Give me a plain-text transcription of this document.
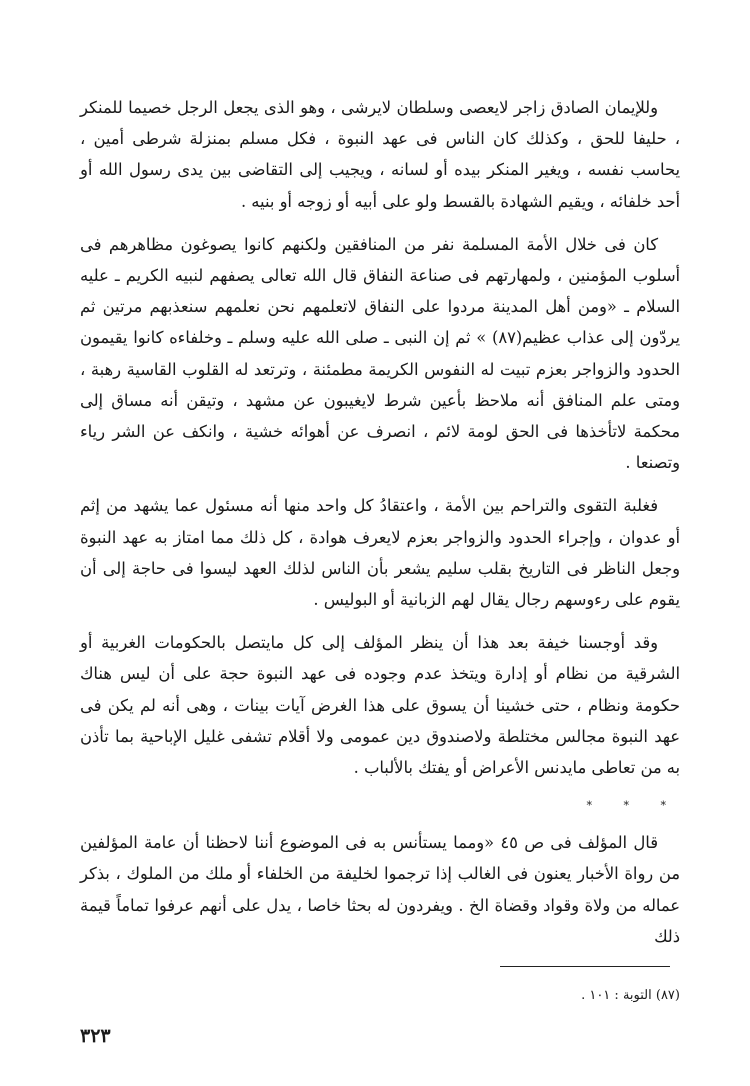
وللإيمان الصادق زاجر لايعصى وسلطان لايرشى ، وهو الذى يجعل الرجل خصيما للمنكر ، حليفا للحق ، وكذلك كان الناس فى عهد النبوة ، فكل مسلم بمنزلة شرطى أمين ، يحاسب نفسه ، ويغير المنكر بيده أو لسانه ، ويجيب إلى التقاضى بين يدى رسول الله أو أحد خلفائه ، ويقيم الشهادة بالقسط ولو على أبيه أو زوجه أو بنيه .

كان فى خلال الأمة المسلمة نفر من المنافقين ولكنهم كانوا يصوغون مظاهرهم فى أسلوب المؤمنين ، ولمهارتهم فى صناعة النفاق قال الله تعالى يصفهم لنبيه الكريم ـ عليه السلام ـ «ومن أهل المدينة مردوا على النفاق لاتعلمهم نحن نعلمهم سنعذبهم مرتين ثم يردّون إلى عذاب عظيم(٨٧) » ثم إن النبى ـ صلى الله عليه وسلم ـ وخلفاءه كانوا يقيمون الحدود والزواجر بعزم تبيت له النفوس الكريمة مطمئنة ، وترتعد له القلوب القاسية رهبة ، ومتى علم المنافق أنه ملاحظ بأعين شرط لايغيبون عن مشهد ، وتيقن أنه مساق إلى محكمة لاتأخذها فى الحق لومة لائم ، انصرف عن أهوائه خشية ، وانكف عن الشر رياء وتصنعا .

فغلبة التقوى والتراحم بين الأمة ، واعتقادُ كل واحد منها أنه مسئول عما يشهد من إثم أو عدوان ، وإجراء الحدود والزواجر بعزم لايعرف هوادة ، كل ذلك مما امتاز به عهد النبوة وجعل الناظر فى التاريخ بقلب سليم يشعر بأن الناس لذلك العهد ليسوا فى حاجة إلى أن يقوم على رءوسهم رجال يقال لهم الزبانية أو البوليس .

وقد أوجسنا خيفة بعد هذا أن ينظر المؤلف إلى كل مايتصل بالحكومات الغربية أو الشرقية من نظام أو إدارة ويتخذ عدم وجوده فى عهد النبوة حجة على أن ليس هناك حكومة ونظام ، حتى خشينا أن يسوق على هذا الغرض آيات بينات ، وهى أنه لم يكن فى عهد النبوة مجالس مختلطة ولاصندوق دين عمومى ولا أقلام تشفى غليل الإباحية بما تأذن به من تعاطى مايدنس الأعراض أو يفتك بالألباب .

* * *

قال المؤلف فى ص ٤٥ «ومما يستأنس به فى الموضوع أننا لاحظنا أن عامة المؤلفين من رواة الأخبار يعنون فى الغالب إذا ترجموا لخليفة من الخلفاء أو ملك من الملوك ، بذكر عماله من ولاة وقواد وقضاة الخ . ويفردون له بحثا خاصا ، يدل على أنهم عرفوا تماماً قيمة ذلك

(٨٧) التوبة : ١٠١ .
٣٢٣
